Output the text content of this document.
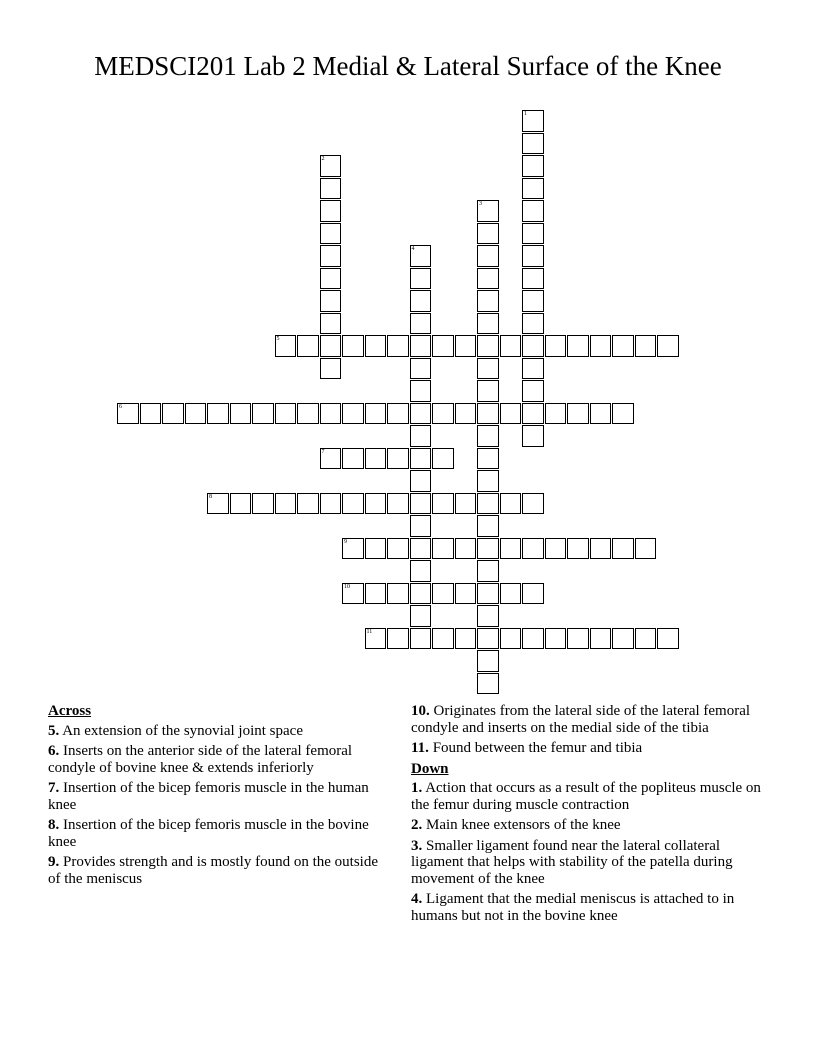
MEDSCI201 Lab 2 Medial & Lateral Surface of the Knee
1
2
3
4
5
6
7
8
9
10
11
Across
5. An extension of the synovial joint space
6. Inserts on the anterior side of the lateral femoral condyle of bovine knee & extends inferiorly
7. Insertion of the bicep femoris muscle in the human knee
8. Insertion of the bicep femoris muscle in the bovine knee
9. Provides strength and is mostly found on the outside of the meniscus
10. Originates from the lateral side of the lateral femoral condyle and inserts on the medial side of the tibia
11. Found between the femur and tibia
Down
1. Action that occurs as a result of the popliteus muscle on the femur during muscle contraction
2. Main knee extensors of the knee
3. Smaller ligament found near the lateral collateral ligament that helps with stability of the patella during movement of the knee
4. Ligament that the medial meniscus is attached to in humans but not in the bovine knee
